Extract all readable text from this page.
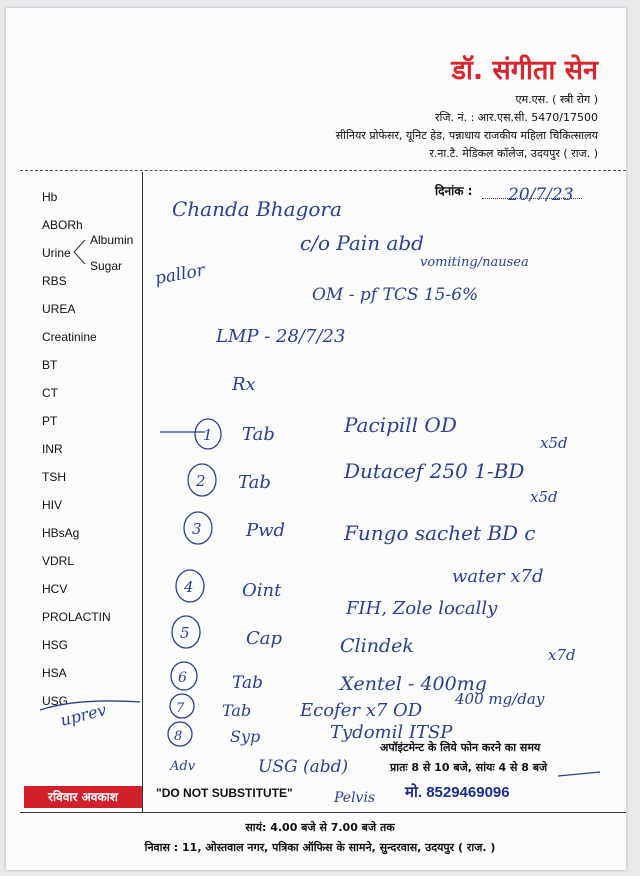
डॉ. संगीता सेन
एम.एस. ( स्त्री रोग )
रजि. नं. : आर.एस.सी. 5470/17500
सीनियर प्रोफेसर, यूनिट हेड, पन्नाधाय राजकीय महिला चिकित्सालय
र.ना.टै. मेडिकल कॉलेज, उदयपुर ( राज. )
दिनांक :
Hb
ABORh
Urine
Albumin
Sugar
RBS
UREA
Creatinine
BT
CT
PT
INR
TSH
HIV
HBsAg
VDRL
HCV
PROLACTIN
HSG
HSA
USG
20/7/23
Chanda Bhagora
c/o Pain abd
vomiting/nausea
pallor
OM - pf TCS 15-6%
LMP - 28/7/23
Rx
1 Tab	Pacipill OD
x5d
2 Tab	Dutacef 250 1-BD
x5d
3 Pwd	Fungo sachet BD c
water x7d
4	Oint
FIH, Zole locally
5	Cap	Clindek	x7d
6	Tab	Xentel - 400mg
400 mg/day
7 Tab	Ecofer x7 OD
8	Syp	Tydomil ITSP
uprev
Adv	USG (abd)
Pelvis
अपॉइंटमेन्ट के लिये फोन करने का समय
प्रातः 8 से 10 बजे, सांयः 4 से 8 बजे
रविवार अवकाश	"DO NOT SUBSTITUTE"	मो. 8529469096
सायं: 4.00 बजे से 7.00 बजे तक
निवास : 11, ओस्तवाल नगर, पत्रिका ऑफिस के सामने, सुन्दरवास, उदयपुर ( राज. )
